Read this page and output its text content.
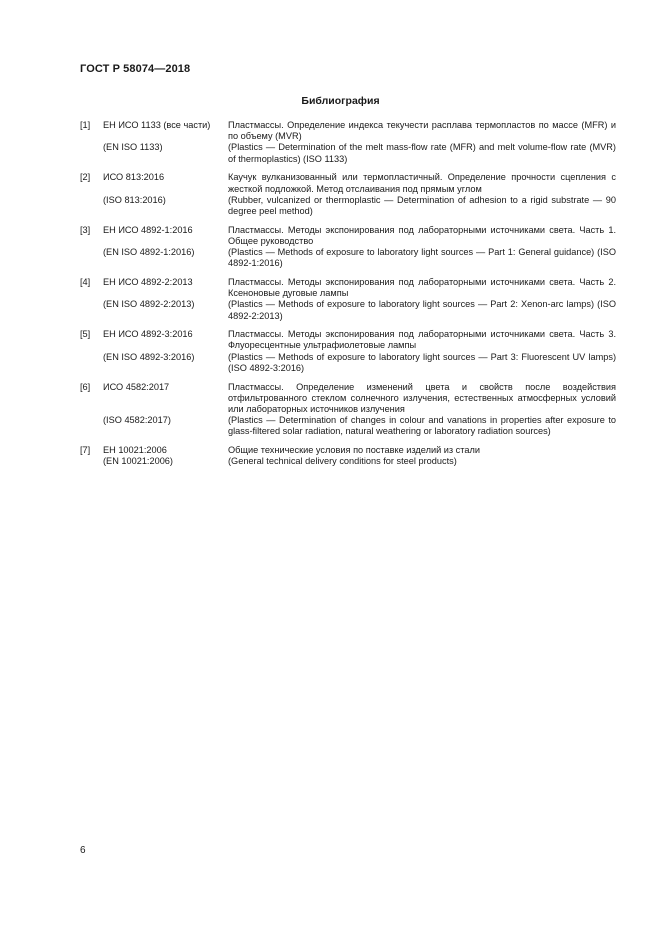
ГОСТ Р 58074—2018
Библиография
[1]	ЕН ИСО 1133 (все части)	Пластмассы. Определение индекса текучести расплава термопластов по массе (MFR) и по объему (MVR)
(EN ISO 1133)	(Plastics — Determination of the melt mass-flow rate (MFR) and melt volume-flow rate (MVR) of thermoplastics) (ISO 1133)
[2]	ИСО 813:2016	Каучук вулканизованный или термопластичный. Определение прочности сцепления с жесткой подложкой. Метод отслаивания под прямым углом
(ISO 813:2016)	(Rubber, vulcanized or thermoplastic — Determination of adhesion to a rigid substrate — 90 degree peel method)
[3]	ЕН ИСО 4892-1:2016	Пластмассы. Методы экспонирования под лабораторными источниками света. Часть 1. Общее руководство
(EN ISO 4892-1:2016)	(Plastics — Methods of exposure to laboratory light sources — Part 1: General guidance) (ISO 4892-1:2016)
[4]	ЕН ИСО 4892-2:2013	Пластмассы. Методы экспонирования под лабораторными источниками света. Часть 2. Ксеноновые дуговые лампы
(EN ISO 4892-2:2013)	(Plastics — Methods of exposure to laboratory light sources — Part 2: Xenon-arc lamps) (ISO 4892-2:2013)
[5]	ЕН ИСО 4892-3:2016	Пластмассы. Методы экспонирования под лабораторными источниками света. Часть 3. Флуоресцентные ультрафиолетовые лампы
(EN ISO 4892-3:2016)	(Plastics — Methods of exposure to laboratory light sources — Part 3: Fluorescent UV lamps) (ISO 4892-3:2016)
[6]	ИСО 4582:2017	Пластмассы. Определение изменений цвета и свойств после воздействия отфильтрованного стеклом солнечного излучения, естественных атмосферных условий или лабораторных источников излучения
(ISO 4582:2017)	(Plastics — Determination of changes in colour and vanations in properties after exposure to glass-filtered solar radiation, natural weathering or laboratory radiation sources)
[7]	ЕН 10021:2006	Общие технические условия по поставке изделий из стали
(EN 10021:2006)	(General technical delivery conditions for steel products)
6
